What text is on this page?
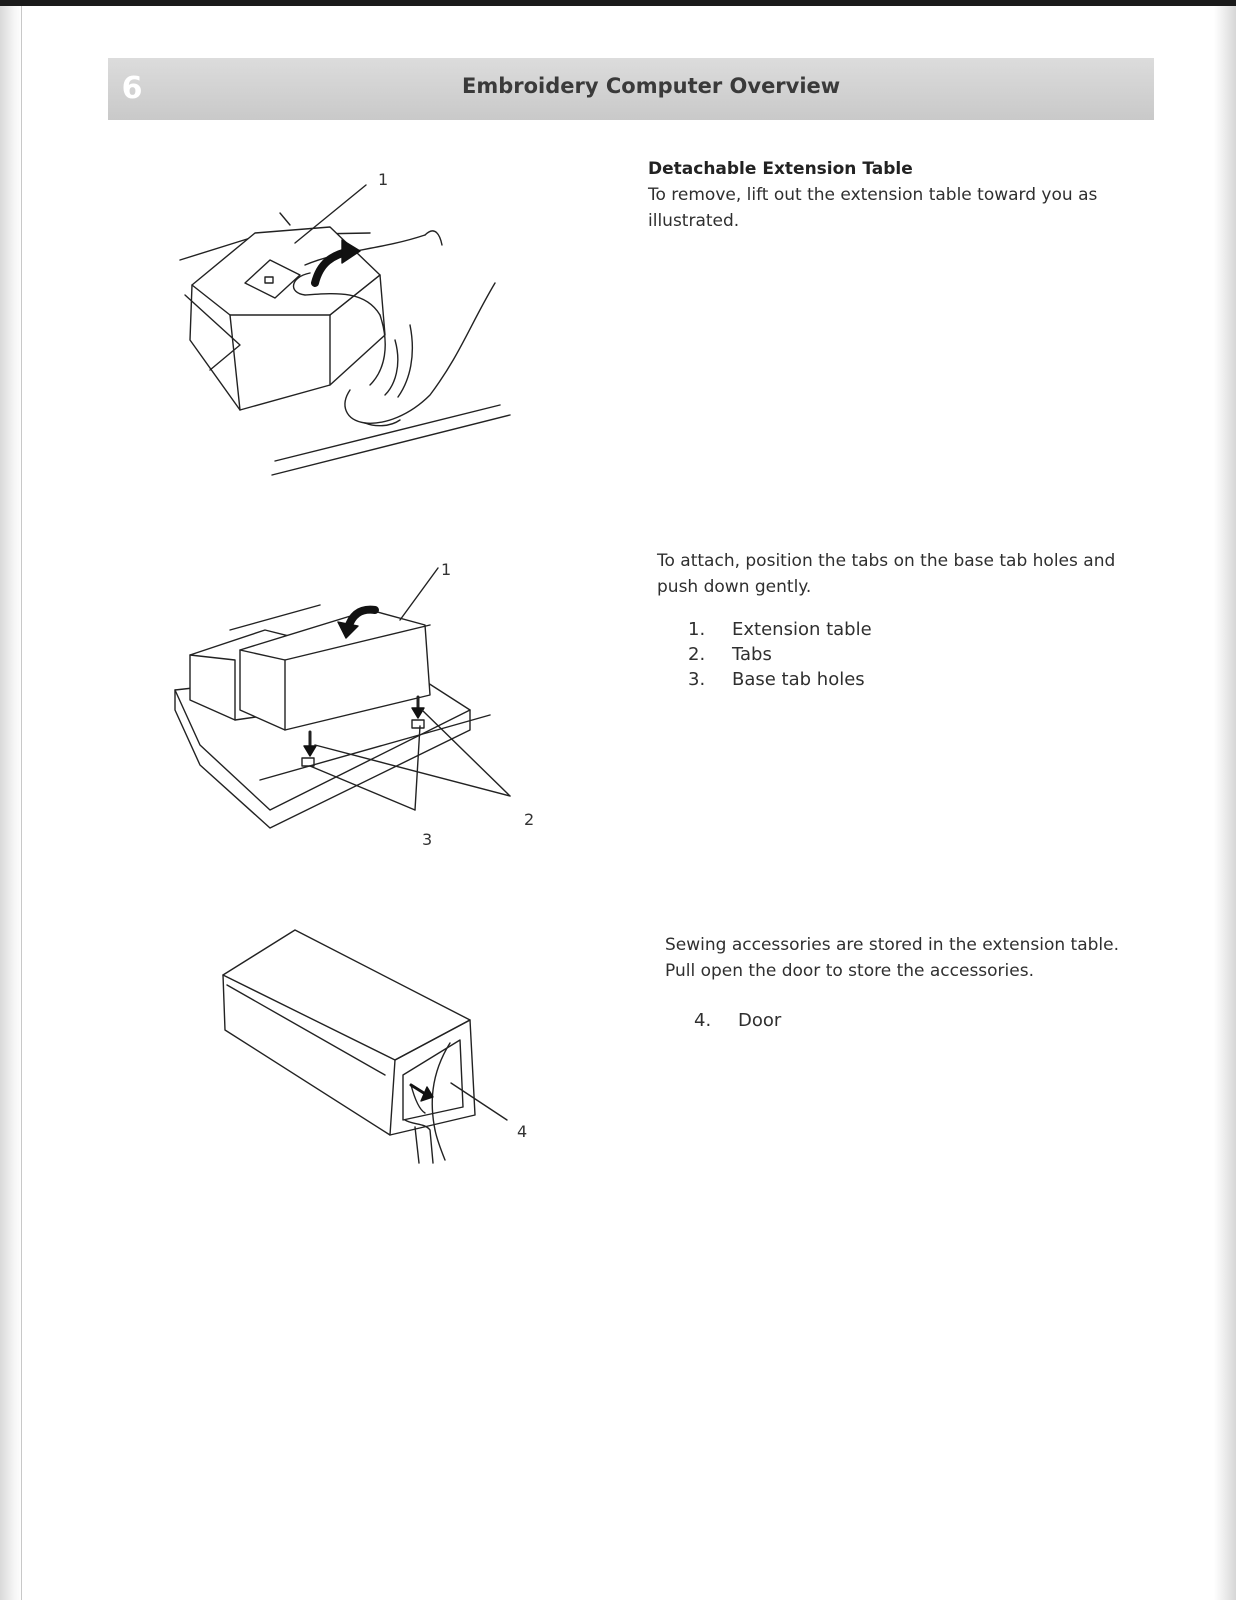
6	Embroidery Computer Overview
Detachable Extension Table

To remove, lift out the extension table toward you as illustrated.

1

To attach, position the tabs on the base tab holes and push down gently.

1.	Extension table
2.	Tabs
3.	Base tab holes
1
2
3

Sewing accessories are stored in the extension table. Pull open the door to store the accessories.

4.	Door
4
